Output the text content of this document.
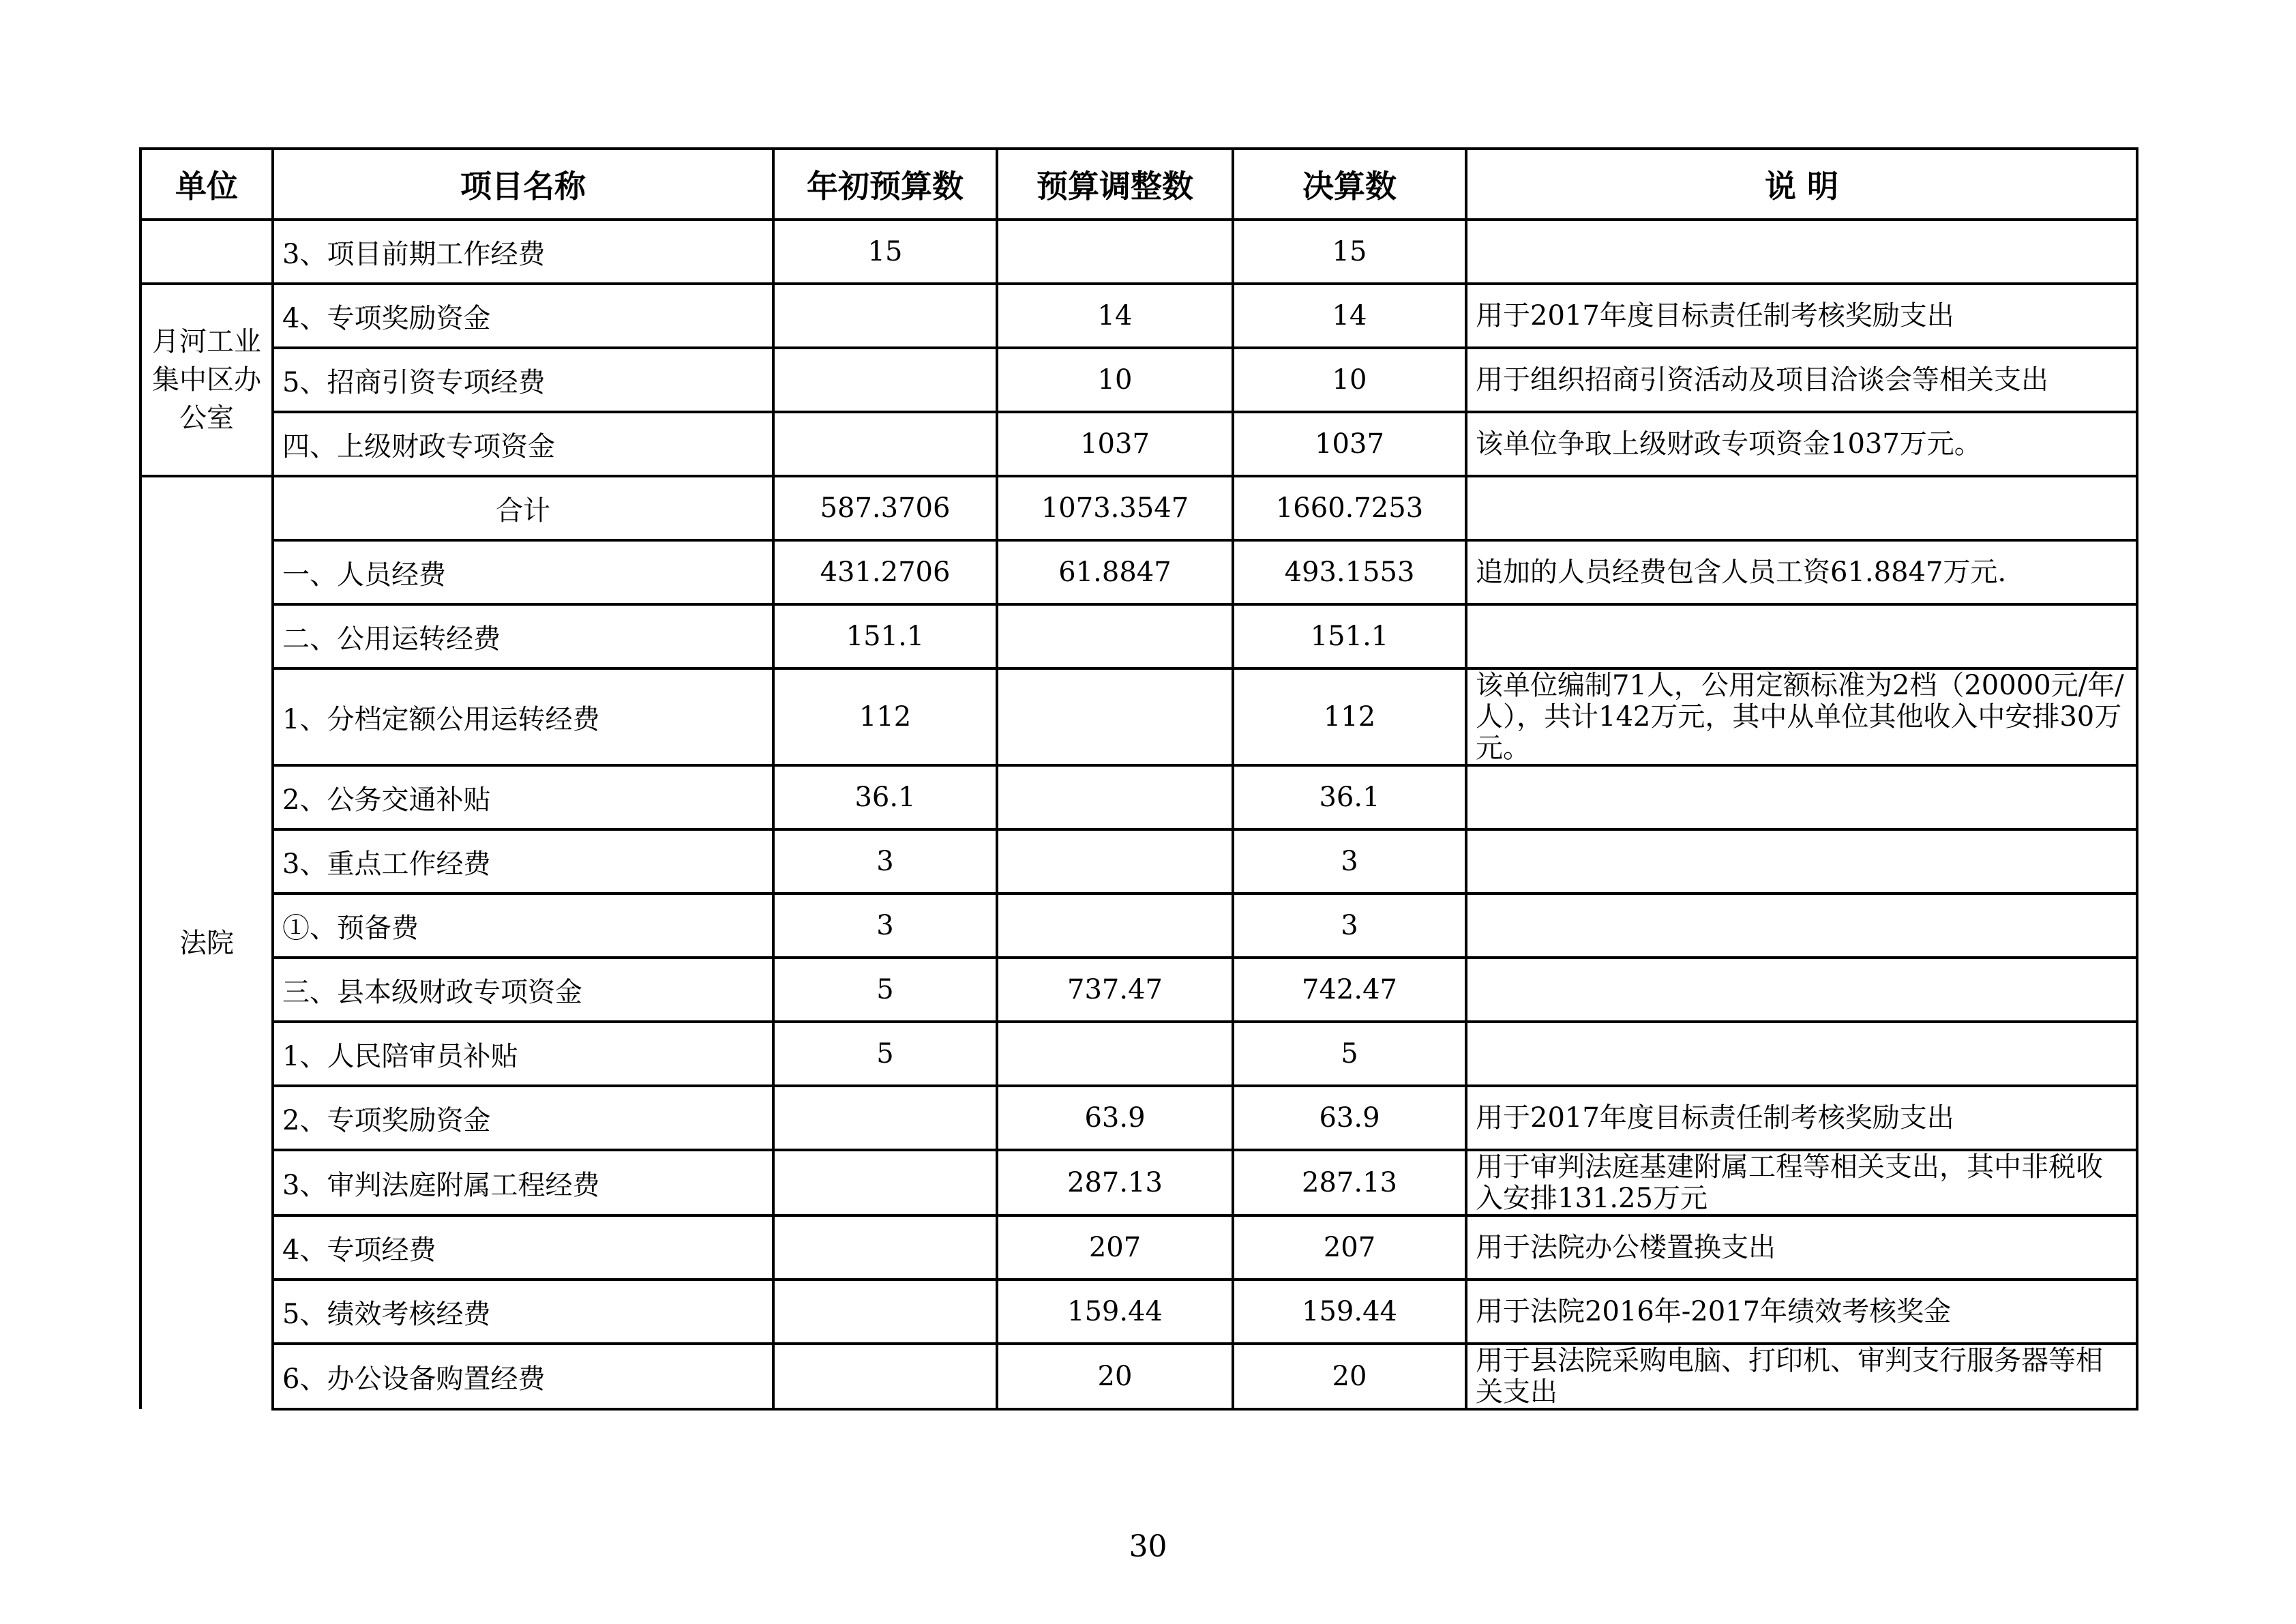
单位	项目名称	年初预算数	预算调整数	决算数	说 明
	3、项目前期工作经费	15		15	
月河工业集中区办公室	4、专项奖励资金		14	14	用于2017年度目标责任制考核奖励支出
	5、招商引资专项经费		10	10	用于组织招商引资活动及项目洽谈会等相关支出
	四、上级财政专项资金		1037	1037	该单位争取上级财政专项资金1037万元。
法院	合计	587.3706	1073.3547	1660.7253	
	一、人员经费	431.2706	61.8847	493.1553	追加的人员经费包含人员工资61.8847万元.
	二、公用运转经费	151.1		151.1	
	1、分档定额公用运转经费	112		112	该单位编制71人，公用定额标准为2档（20000元/年/人），共计142万元，其中从单位其他收入中安排30万元。
	2、公务交通补贴	36.1		36.1	
	3、重点工作经费	3		3	
	①、预备费	3		3	
	三、县本级财政专项资金	5	737.47	742.47	
	1、人民陪审员补贴	5		5	
	2、专项奖励资金		63.9	63.9	用于2017年度目标责任制考核奖励支出
	3、审判法庭附属工程经费		287.13	287.13	用于审判法庭基建附属工程等相关支出，其中非税收入安排131.25万元
	4、专项经费		207	207	用于法院办公楼置换支出
	5、绩效考核经费		159.44	159.44	用于法院2016年-2017年绩效考核奖金
	6、办公设备购置经费		20	20	用于县法院采购电脑、打印机、审判支行服务器等相关支出
30
